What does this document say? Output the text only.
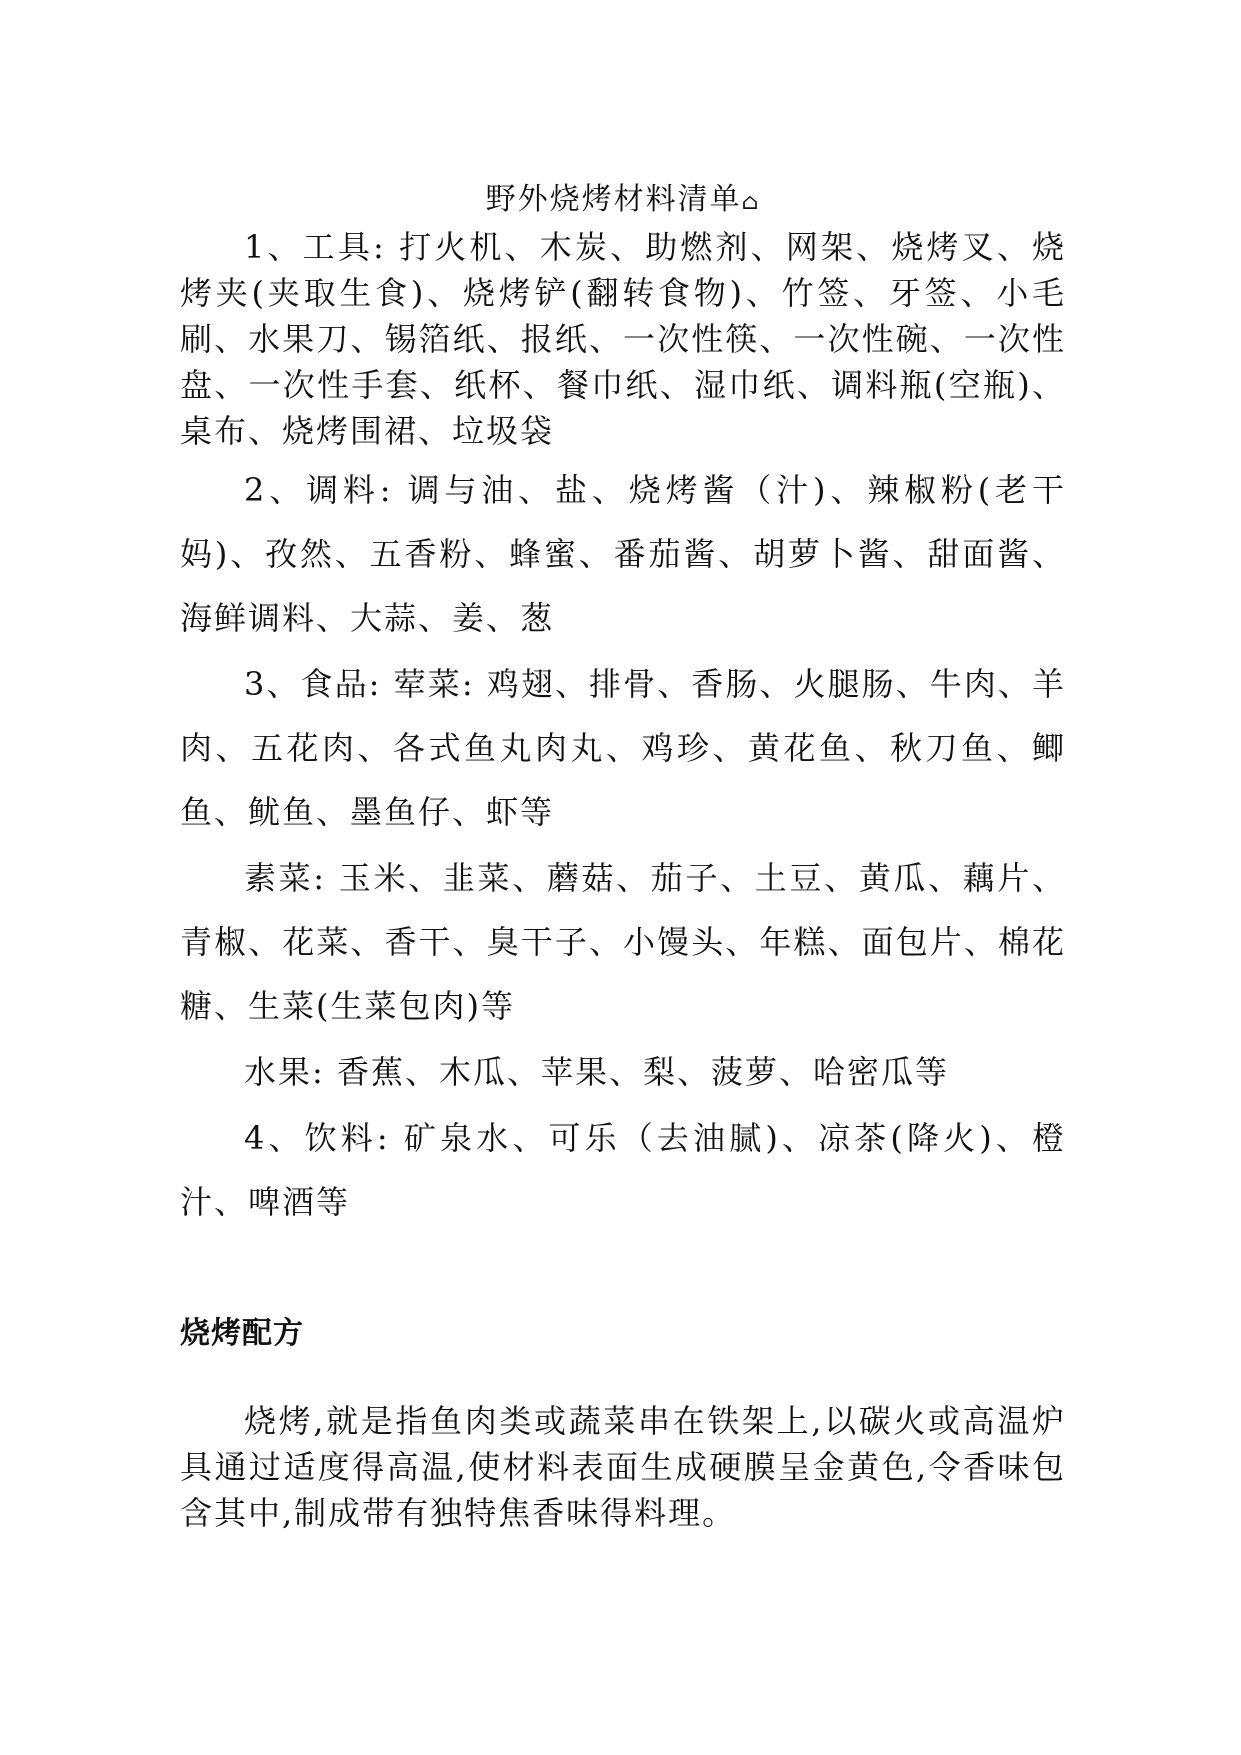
野外烧烤材料清单⌂

1、工具: 打火机、木炭、助燃剂、网架、烧烤叉、烧烤夹(夹取生食)、烧烤铲(翻转食物)、竹签、牙签、小毛刷、水果刀、锡箔纸、报纸、一次性筷、一次性碗、一次性盘、一次性手套、纸杯、餐巾纸、湿巾纸、调料瓶(空瓶)、桌布、烧烤围裙、垃圾袋

2、调料: 调与油、盐、烧烤酱（汁)、辣椒粉(老干妈)、孜然、五香粉、蜂蜜、番茄酱、胡萝卜酱、甜面酱、海鲜调料、大蒜、姜、葱

3、食品: 荤菜: 鸡翅、排骨、香肠、火腿肠、牛肉、羊肉、五花肉、各式鱼丸肉丸、鸡珍、黄花鱼、秋刀鱼、鲫鱼、鱿鱼、墨鱼仔、虾等

素菜: 玉米、韭菜、蘑菇、茄子、土豆、黄瓜、藕片、青椒、花菜、香干、臭干子、小馒头、年糕、面包片、棉花糖、生菜(生菜包肉)等

水果: 香蕉、木瓜、苹果、梨、菠萝、哈密瓜等

4、饮料: 矿泉水、可乐（去油腻)、凉茶(降火)、橙汁、啤酒等

烧烤配方

烧烤,就是指鱼肉类或蔬菜串在铁架上,以碳火或高温炉具通过适度得高温,使材料表面生成硬膜呈金黄色,令香味包含其中,制成带有独特焦香味得料理。
